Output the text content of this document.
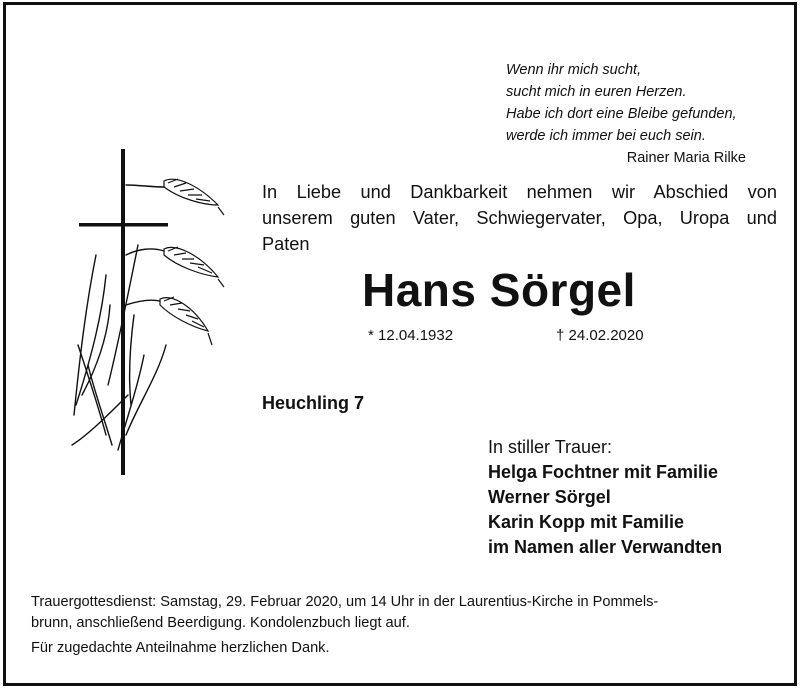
Wenn ihr mich sucht,
sucht mich in euren Herzen.
Habe ich dort eine Bleibe gefunden,
werde ich immer bei euch sein.
Rainer Maria Rilke
In Liebe und Dankbarkeit nehmen wir Abschied von
unserem guten Vater, Schwiegervater, Opa, Uropa und
Paten
Hans Sörgel
* 12.04.1932	† 24.02.2020
Heuchling 7
In stiller Trauer:
Helga Fochtner mit Familie
Werner Sörgel
Karin Kopp mit Familie
im Namen aller Verwandten
Trauergottesdienst: Samstag, 29. Februar 2020, um 14 Uhr in der Laurentius-Kirche in Pommels-
brunn, anschließend Beerdigung. Kondolenzbuch liegt auf.
Für zugedachte Anteilnahme herzlichen Dank.
